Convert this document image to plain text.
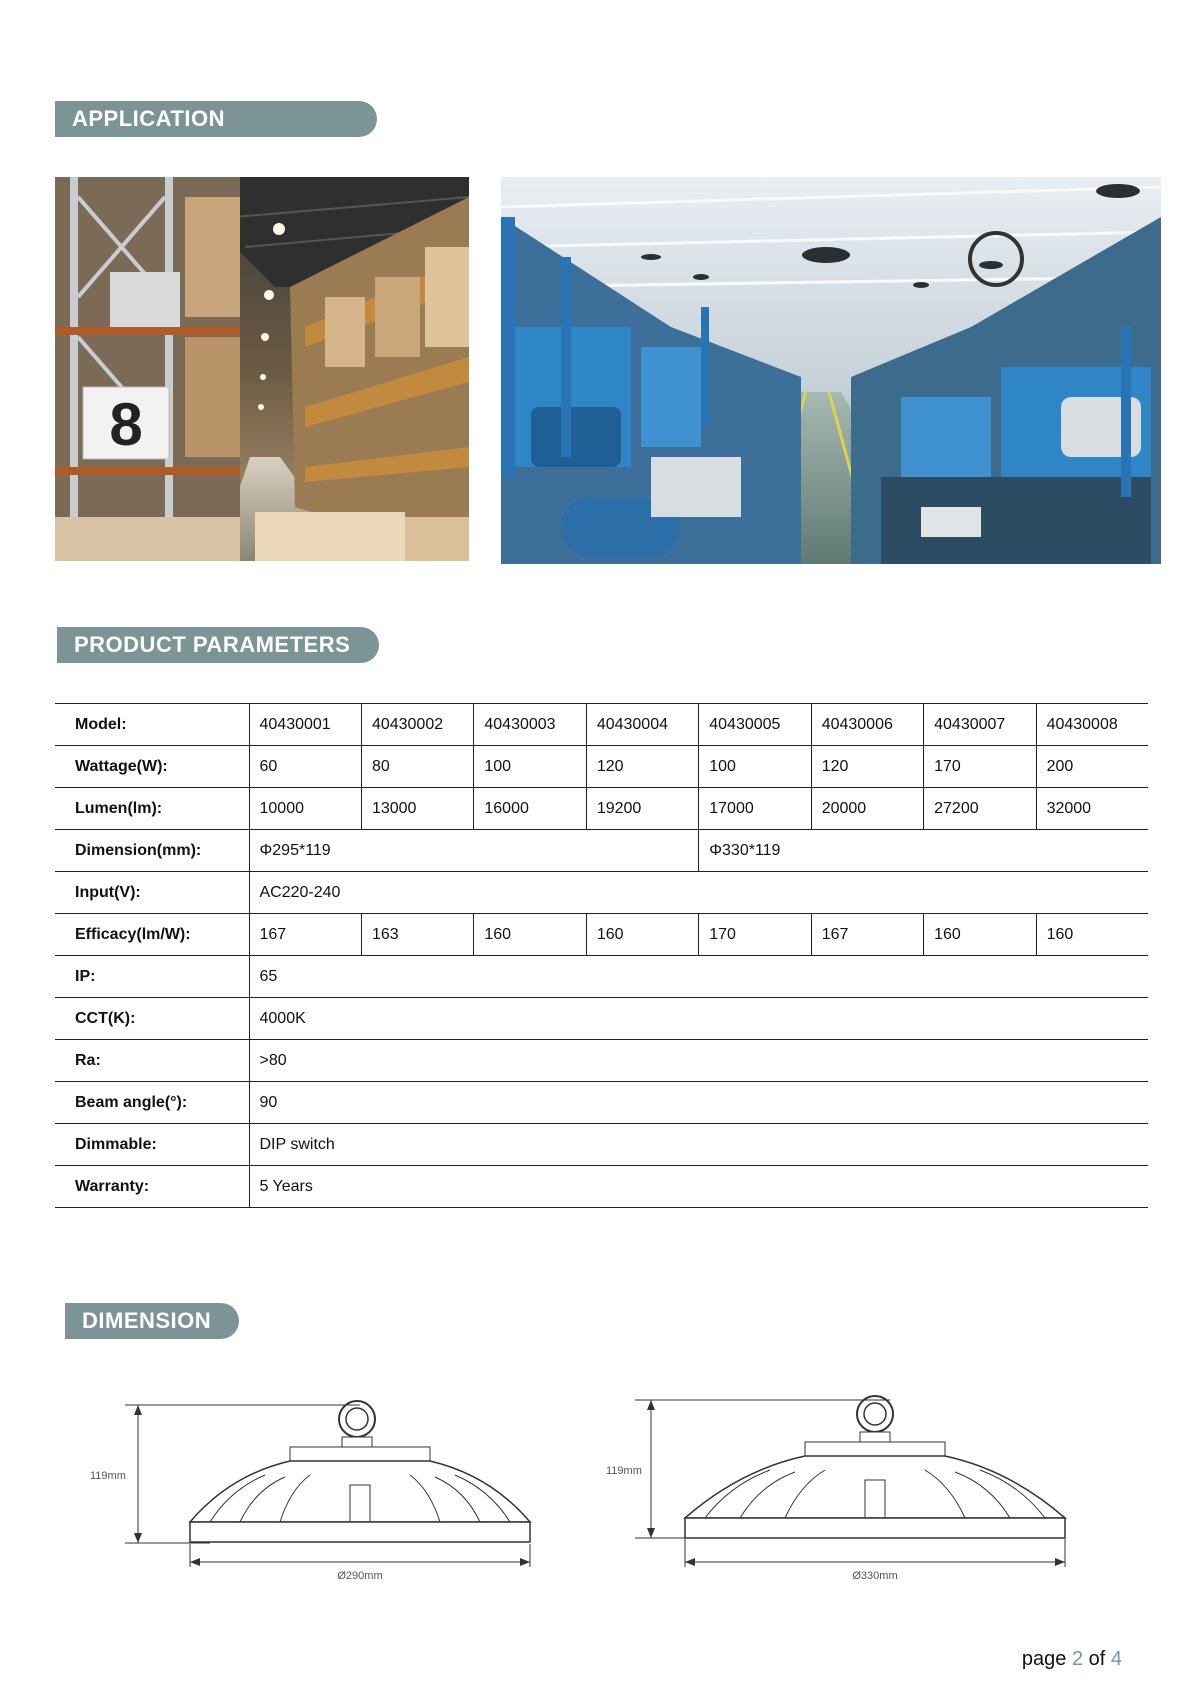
APPLICATION
8
PRODUCT PARAMETERS
Model:	40430001	40430002	40430003	40430004	40430005	40430006	40430007	40430008
Wattage(W):	60	80	100	120	100	120	170	200
Lumen(lm):	10000	13000	16000	19200	17000	20000	27200	32000
Dimension(mm):	Φ295*119				Φ330*119			
Input(V):	AC220-240							
Efficacy(lm/W):	167	163	160	160	170	167	160	160
IP:	65							
CCT(K):	4000K							
Ra:	>80							
Beam angle(°):	90							
Dimmable:	DIP switch							
Warranty:	5 Years							
DIMENSION
119mm
Ø290mm
119mm
Ø330mm
page 2 of 4
